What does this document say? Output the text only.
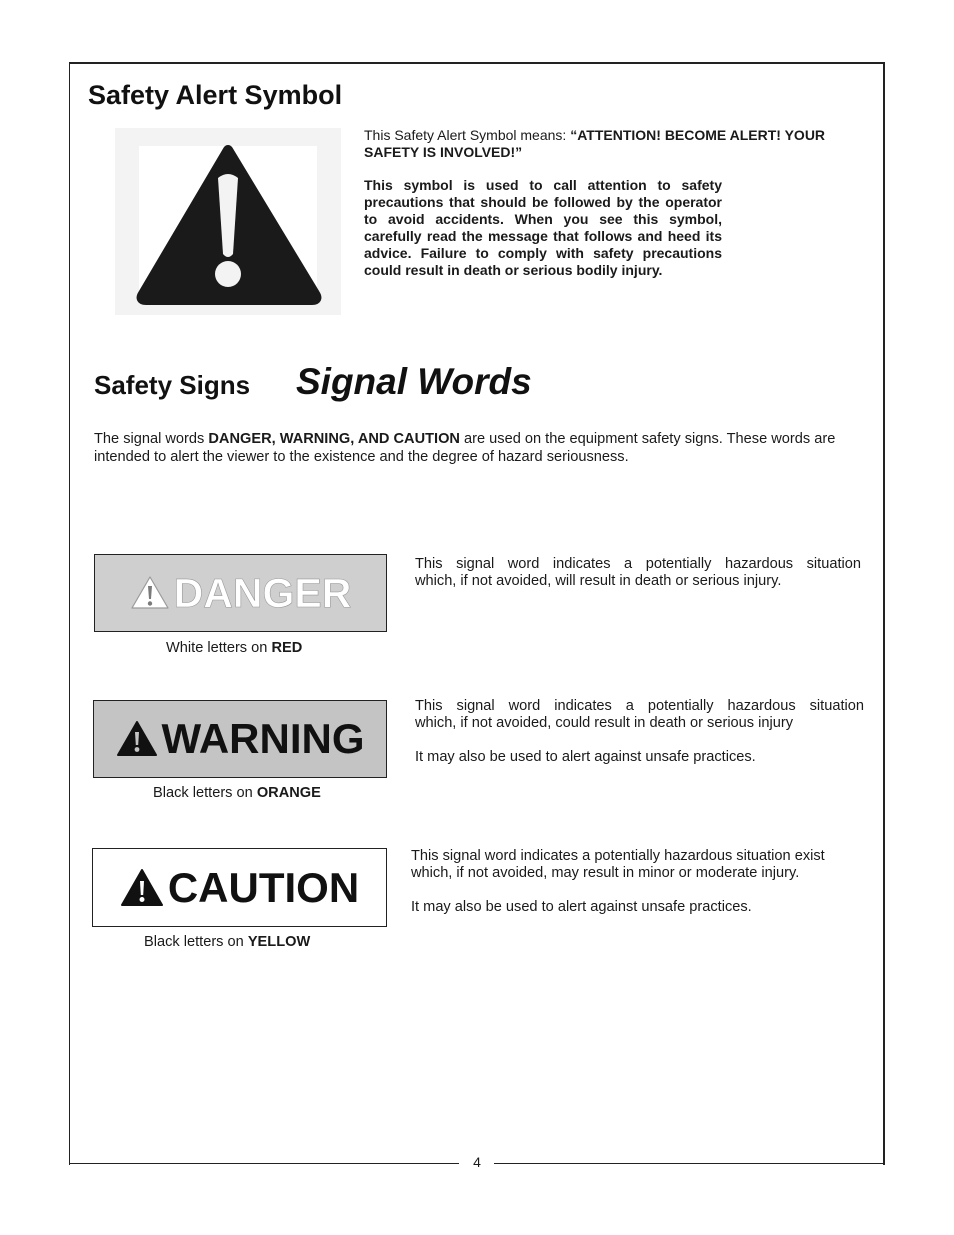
4
Safety Alert Symbol
This Safety Alert Symbol means: “ATTENTION! BECOME ALERT! YOUR SAFETY IS INVOLVED!”
This symbol is used to call attention to safety precautions that should be followed by the operator to avoid accidents. When you see this symbol, carefully read the message that follows and heed its advice. Failure to comply with safety precautions could result in death or serious bodily injury.
Safety Signs Signal Words

The signal words DANGER, WARNING, AND CAUTION are used on the equipment safety signs. These words are intended to alert the viewer to the existence and the degree of hazard seriousness.

DANGER
White letters on RED
This signal word indicates a potentially hazardous situation
which, if not avoided, will result in death or serious injury.
WARNING
Black letters on ORANGE

This signal word indicates a potentially hazardous situation
which, if not avoided, could result in death or serious injury

It may also be used to alert against unsafe practices.

CAUTION
Black letters on YELLOW

This signal word indicates a potentially hazardous situation exist
which, if not avoided, may result in minor or moderate injury.

It may also be used to alert against unsafe practices.
